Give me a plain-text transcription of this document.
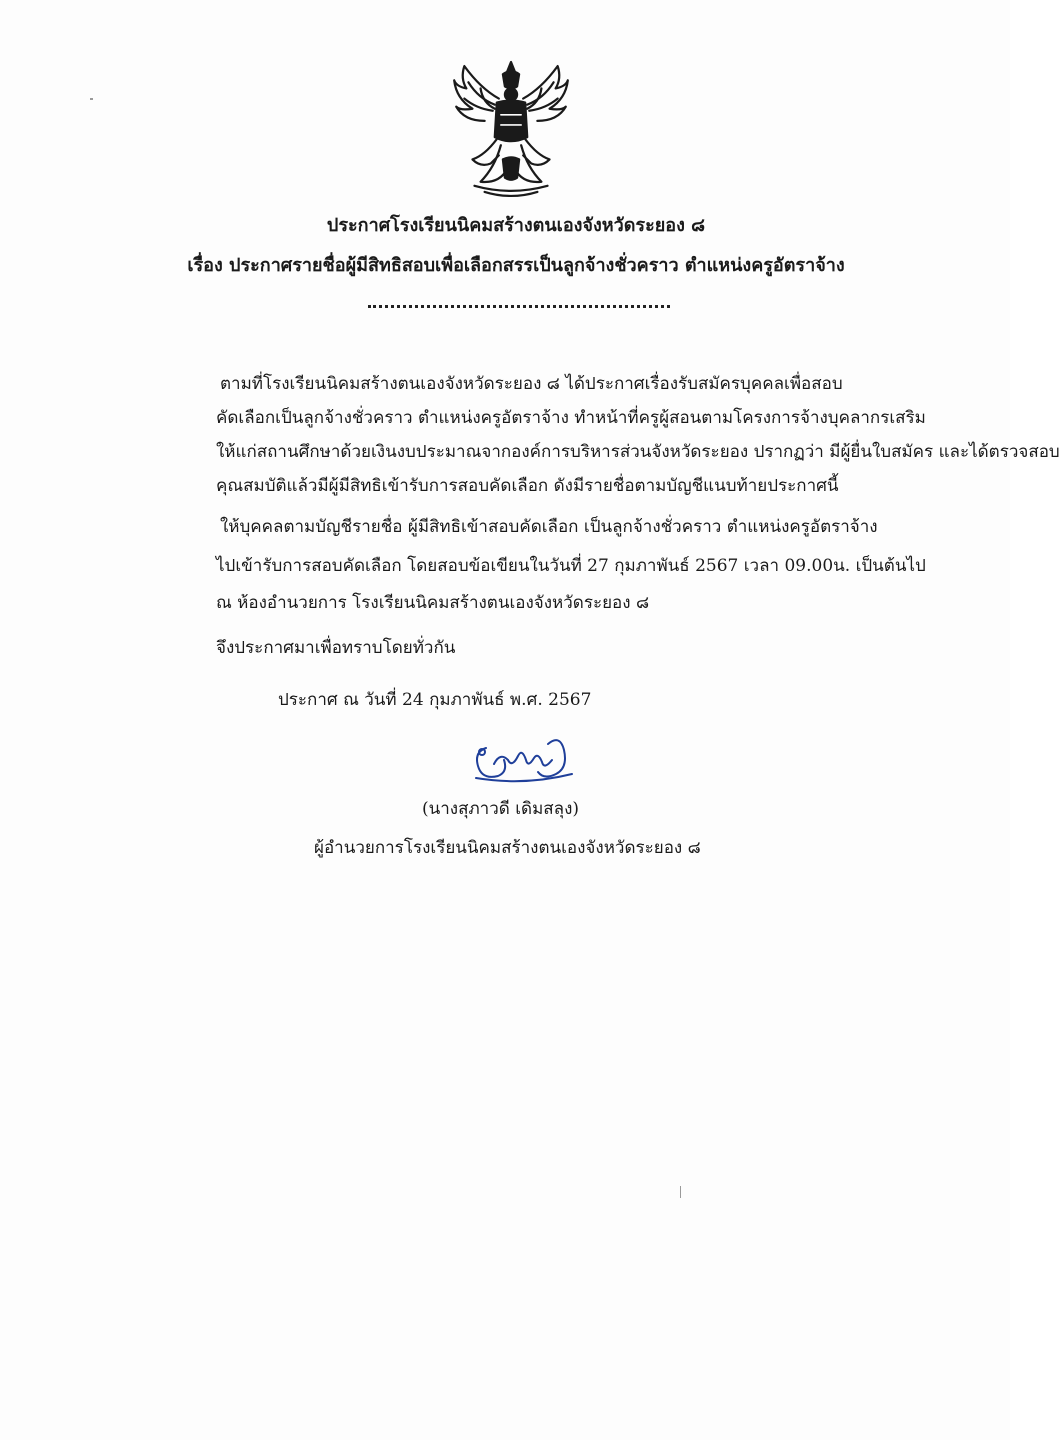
ประกาศโรงเรียนนิคมสร้างตนเองจังหวัดระยอง ๘
เรื่อง ประกาศรายชื่อผู้มีสิทธิสอบเพื่อเลือกสรรเป็นลูกจ้างชั่วคราว ตำแหน่งครูอัตราจ้าง
ตามที่โรงเรียนนิคมสร้างตนเองจังหวัดระยอง ๘ ได้ประกาศเรื่องรับสมัครบุคคลเพื่อสอบ
คัดเลือกเป็นลูกจ้างชั่วคราว ตำแหน่งครูอัตราจ้าง ทำหน้าที่ครูผู้สอนตามโครงการจ้างบุคลากรเสริม
ให้แก่สถานศึกษาด้วยเงินงบประมาณจากองค์การบริหารส่วนจังหวัดระยอง ปรากฏว่า มีผู้ยื่นใบสมัคร และได้ตรวจสอบ
คุณสมบัติแล้วมีผู้มีสิทธิเข้ารับการสอบคัดเลือก ดังมีรายชื่อตามบัญชีแนบท้ายประกาศนี้
ให้บุคคลตามบัญชีรายชื่อ ผู้มีสิทธิเข้าสอบคัดเลือก เป็นลูกจ้างชั่วคราว ตำแหน่งครูอัตราจ้าง
ไปเข้ารับการสอบคัดเลือก โดยสอบข้อเขียนในวันที่ 27 กุมภาพันธ์ 2567 เวลา 09.00น. เป็นต้นไป
ณ ห้องอำนวยการ โรงเรียนนิคมสร้างตนเองจังหวัดระยอง ๘
จึงประกาศมาเพื่อทราบโดยทั่วกัน
ประกาศ ณ วันที่ 24 กุมภาพันธ์ พ.ศ. 2567
(นางสุภาวดี เดิมสลุง)
ผู้อำนวยการโรงเรียนนิคมสร้างตนเองจังหวัดระยอง ๘
